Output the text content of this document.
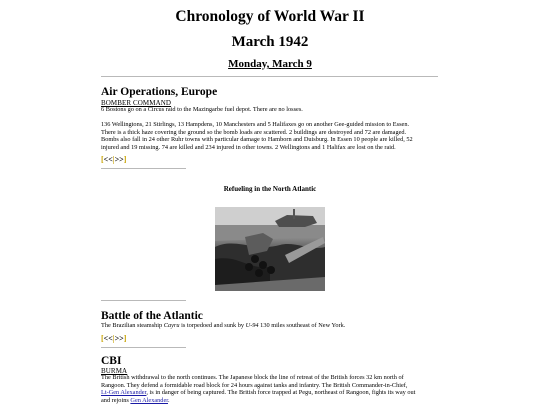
Chronology of World War II
March 1942
Monday, March 9
Air Operations, Europe
BOMBER COMMAND
6 Bostons go on a Circus raid to the Mazingarbe fuel depot. There are no losses.
136 Wellingtons, 21 Stirlings, 13 Hampdens, 10 Manchesters and 5 Halifaxes go on another Gee-guided mission to Essen.
There is a thick haze covering the ground so the bomb loads are scattered. 2 buildings are destroyed and 72 are damaged.
Bombs also fall in 24 other Ruhr towns with particular damage to Hamborn and Duisburg. In Essen 10 people are killed, 52
injured and 19 missing. 74 are killed and 234 injured in other towns. 2 Wellingtons and 1 Halifax are lost on the raid.
[<<|>>]
Refueling in the North Atlantic
Battle of the Atlantic
The Brazilian steamship Cayru is torpedoed and sunk by U-94 130 miles southeast of New York.
[<<|>>]
CBI
BURMA
The British withdrawal to the north continues. The Japanese block the line of retreat of the British forces 32 km north of
Rangoon. They defend a formidable road block for 24 hours against tanks and infantry. The British Commander-in-Chief,
Lt-Gen Alexander, is in danger of being captured. The British force trapped at Pegu, northeast of Rangoon, fights its way out
and rejoins Gen Alexander.
